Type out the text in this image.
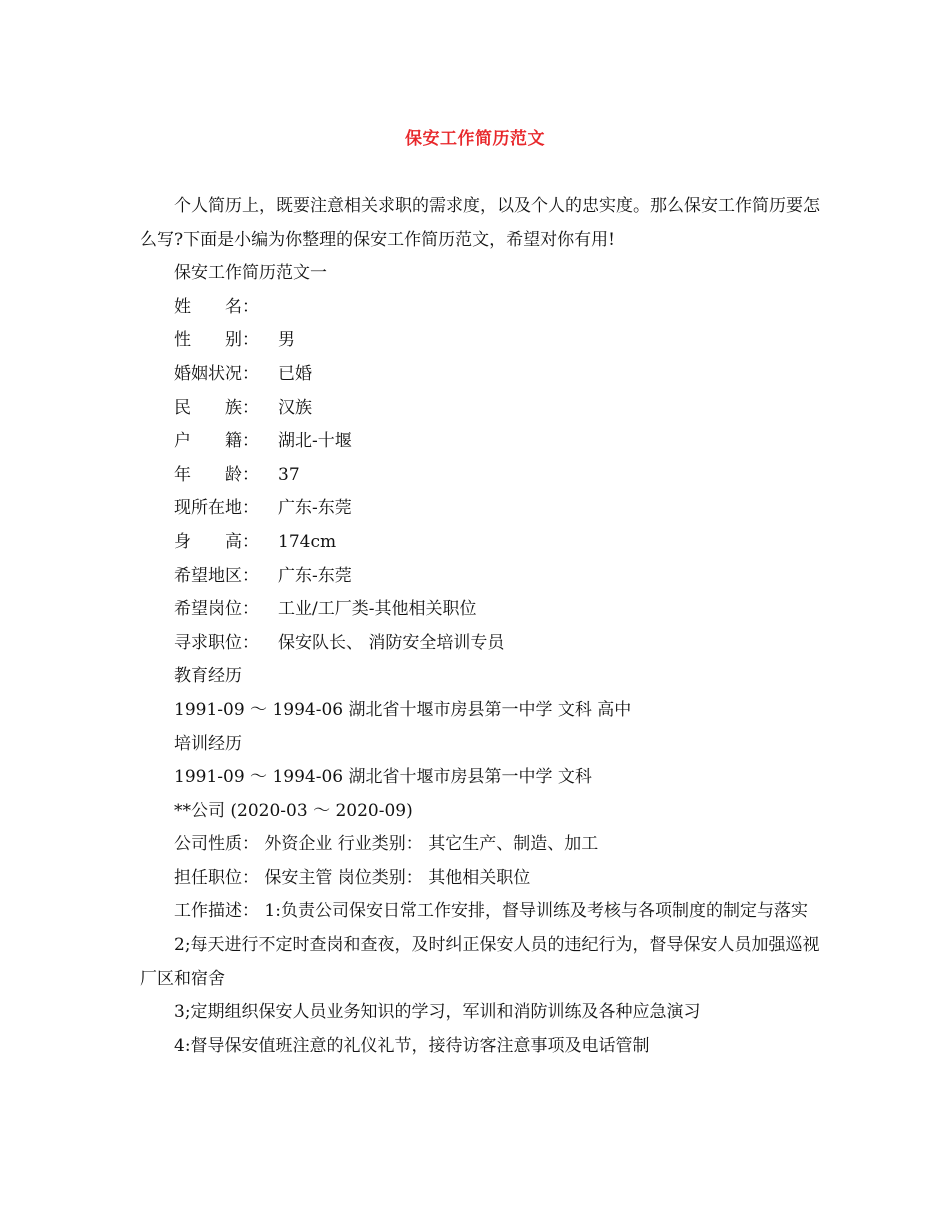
保安工作简历范文

个人简历上，既要注意相关求职的需求度，以及个人的忠实度。那么保安工作简历要怎么写?下面是小编为你整理的保安工作简历范文，希望对你有用!

保安工作简历范文一

姓　　名：

性　　别： 男

婚姻状况： 已婚

民　　族： 汉族

户　　籍： 湖北-十堰

年　　龄： 37

现所在地： 广东-东莞

身　　高： 174cm

希望地区： 广东-东莞

希望岗位： 工业/工厂类-其他相关职位

寻求职位： 保安队长、 消防安全培训专员

教育经历

1991-09 ～ 1994-06 湖北省十堰市房县第一中学 文科 高中

培训经历

1991-09 ～ 1994-06 湖北省十堰市房县第一中学 文科

**公司 (2020-03 ～ 2020-09)

公司性质： 外资企业 行业类别： 其它生产、制造、加工

担任职位： 保安主管 岗位类别： 其他相关职位

工作描述： 1:负责公司保安日常工作安排，督导训练及考核与各项制度的制定与落实

2;每天进行不定时查岗和查夜，及时纠正保安人员的违纪行为，督导保安人员加强巡视厂区和宿舍

3;定期组织保安人员业务知识的学习，军训和消防训练及各种应急演习

4:督导保安值班注意的礼仪礼节，接待访客注意事项及电话管制
